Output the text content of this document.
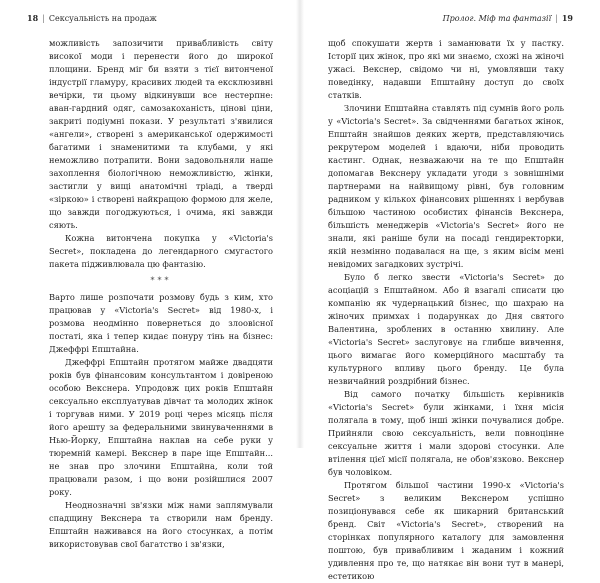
18 | Сексуальність на продаж

можливість запозичити привабливість світу високої моди і перенести його до широкої площини. Бренд міг би взяти з тієї витонченої індустрії гламуру, красивих людей та ексклюзивні вечірки, ти цьому відкинувши все нестерпне: аван-гардний одяг, самозакоханість, цінові ціни, закриті подіумні покази. У результаті з'явилися «ангели», створені з американської одержимості багатими і знаменитими та клубами, у які неможливо потрапити. Вони задовольняли наше захоплення біологічною неможливістю, жінки, застигли у вищі анатомічні тріаді, а тверді «зіркою» і створені найкращою формою для желе, що завжди погоджуються, і очима, які завжди сяють.

Кожна витончена покупка у «Victoria's Secret», покладена до легендарного смугастого пакета підживлювала цю фантазію.

***

Варто лише розпочати розмову будь з ким, хто працював у «Victoria's Secret» від 1980-х, і розмова неодмінно повернеться до злоовісної постаті, яка і тепер кидає понуру тінь на бізнес: Джеффрі Епштайна.

Джеффрі Епштайн протягом майже двадцяти років був фінансовим консультантом і довіреною особою Векснера. Упродовж цих років Епштайн сексуально експлуатував дівчат та молодих жінок і торгував ними. У 2019 році через місяць після його арешту за федеральними звинуваченнями в Нью-Йорку, Епштайна наклав на себе руки у тюремній камері. Векснер в паре іще Епштайн... не знав про злочини Епштайна, коли той працювали разом, і що вони розійшлися 2007 року.

Неоднозначні зв'язки між нами заплямували спадщину Векснера та створили нам бренду. Епштайн наживався на його стосунках, а потім використовував свої багатство і зв'язки,

Пролог. Міф та фантазії | 19

щоб спокушати жертв і заманювати їх у пастку. Історії цих жінок, про які ми знаємо, схожі на жіночі ужасі. Векснер, свідомо чи ні, умовлявши таку поведінку, надавши Епштайну доступ до своїх статків.

Злочини Епштайна ставлять під сумнів його роль у «Victoria's Secret». За свідченнями багатьох жінок, Епштайн знайшов деяких жертв, представляючись рекрутером моделей і вдаючи, ніби проводить кастинг. Однак, незважаючи на те що Епштайн допомагав Векснеру укладати угоди з зовнішніми партнерами на найвищому рівні, був головним радником у кількох фінансових рішеннях і вербував більшою частиною особистих фінансів Векснера, більшість менеджерів «Victoria's Secret» його не знали, які раніше були на посаді гендиректорки, якій незмінно подавалася на ще, з яким вісім мені невідомих загадкових зустрічі.

Було б легко звести «Victoria's Secret» до асоціацій з Епштайном. Або й взагалі списати цю компанію як чудернацький бізнес, що шахраю на жіночих примхах і подарунках до Дня святого Валентина, зроблених в останню хвилину. Але «Victoria's Secret» заслуговує на глибше вивчення, цього вимагає його комерційного масштабу та культурного впливу цього бренду. Це була незвичайний роздрібний бізнес.

Від самого початку більшість керівників «Victoria's Secret» були жінками, і їхня місія полягала в тому, щоб інші жінки почувалися добре. Прийняли свою сексуальність, вели повноцінне сексуальне життя і мали здорові стосунки. Але втілення цієї місії полягала, не обов'язково. Векснер був чоловіком.

Протягом більшої частини 1990-х «Victoria's Secret» з великим Векснером успішно позиціонувався себе як шикарний британський бренд. Світ «Victoria's Secret», створений на сторінках популярного каталогу для замовлення поштою, був привабливим і жаданим і кожний удивлення про те, що натякає він вони тут в манері, естетикою
